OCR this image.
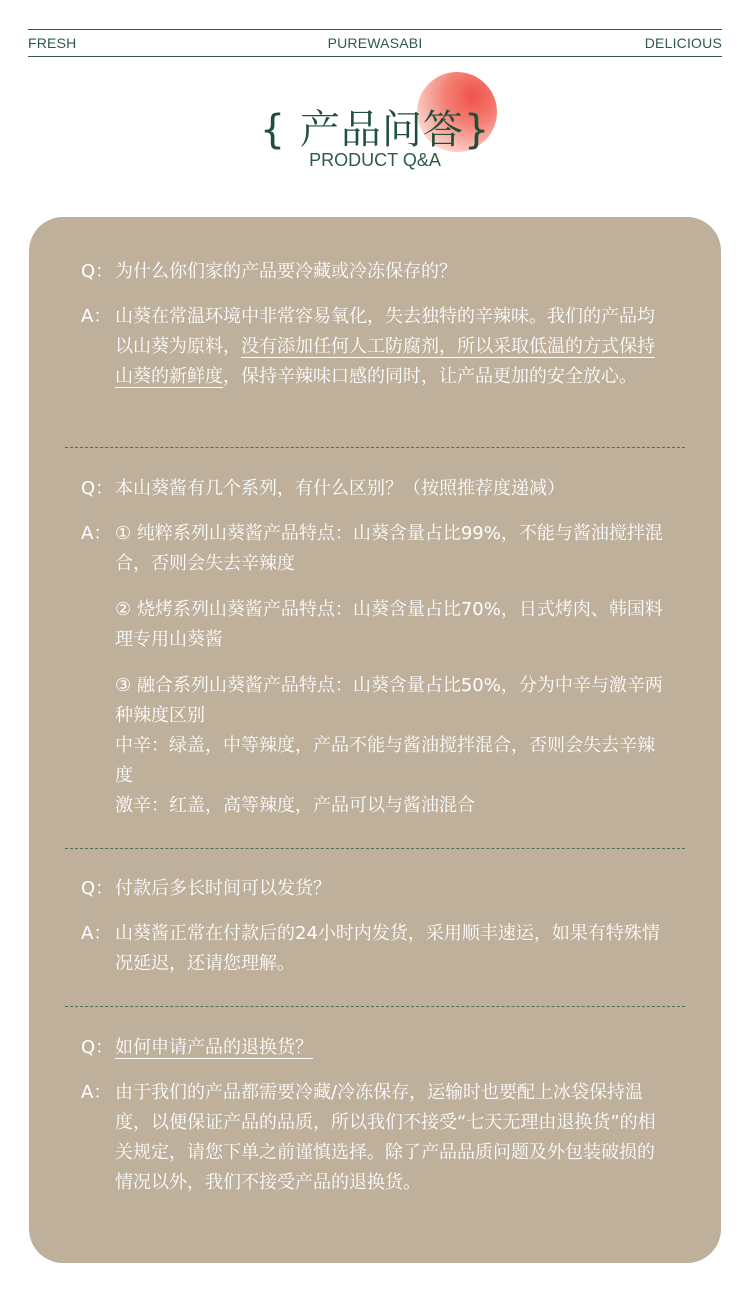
FRESH	PUREWASABI	DELICIOUS
{ 产品问答}
PRODUCT Q&A
Q： 为什么你们家的产品要冷藏或冷冻保存的？
A： 山葵在常温环境中非常容易氧化，失去独特的辛辣味。我们的产品均以山葵为原料，没有添加任何人工防腐剂，所以采取低温的方式保持山葵的新鲜度，保持辛辣味口感的同时，让产品更加的安全放心。
Q： 本山葵酱有几个系列，有什么区别？（按照推荐度递减）
A： ① 纯粹系列山葵酱产品特点：山葵含量占比99%，不能与酱油搅拌混合，否则会失去辛辣度

② 烧烤系列山葵酱产品特点：山葵含量占比70%，日式烤肉、韩国料理专用山葵酱

③ 融合系列山葵酱产品特点：山葵含量占比50%，分为中辛与激辛两种辣度区别

中辛：绿盖，中等辣度，产品不能与酱油搅拌混合，否则会失去辛辣度

激辛：红盖，高等辣度，产品可以与酱油混合

Q： 付款后多长时间可以发货？
A： 山葵酱正常在付款后的24小时内发货，采用顺丰速运，如果有特殊情况延迟，还请您理解。
Q： 如何申请产品的退换货？
A： 由于我们的产品都需要冷藏/冷冻保存，运输时也要配上冰袋保持温度，以便保证产品的品质，所以我们不接受“七天无理由退换货”的相关规定，请您下单之前谨慎选择。除了产品品质问题及外包装破损的情况以外，我们不接受产品的退换货。
